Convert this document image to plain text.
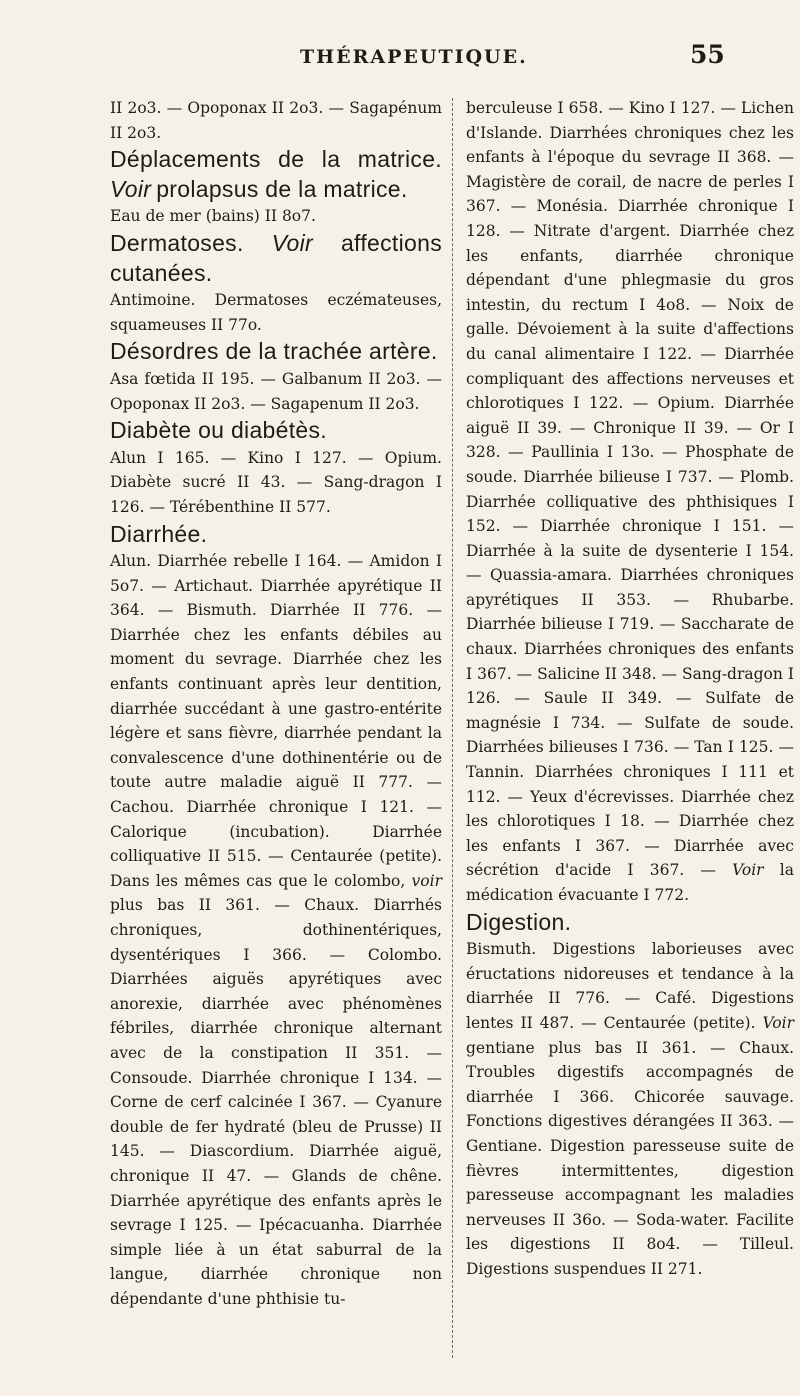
THÉRAPEUTIQUE.	55

II 2o3. — Opoponax II 2o3. — Sagapénum II 2o3.

Déplacements de la matrice. Voir prolapsus de la matrice.

Eau de mer (bains) II 8o7.

Dermatoses. Voir affections cutanées.

Antimoine. Dermatoses eczémateuses, squameuses II 77o.

Désordres de la trachée artère.

Asa fœtida II 195. — Galbanum II 2o3. — Opoponax II 2o3. — Sagapenum II 2o3.

Diabète ou diabétès.

Alun I 165. — Kino I 127. — Opium. Diabète sucré II 43. — Sang-dragon I 126. — Térébenthine II 577.

Diarrhée.

Alun. Diarrhée rebelle I 164. — Amidon I 5o7. — Artichaut. Diarrhée apyrétique II 364. — Bismuth. Diarrhée II 776. — Diarrhée chez les enfants débiles au moment du sevrage. Diarrhée chez les enfants continuant après leur dentition, diarrhée succédant à une gastro-entérite légère et sans fièvre, diarrhée pendant la convalescence d'une dothinentérie ou de toute autre maladie aiguë II 777. — Cachou. Diarrhée chronique I 121. — Calorique (incubation). Diarrhée colliquative II 515. — Centaurée (petite). Dans les mêmes cas que le colombo, voir plus bas II 361. — Chaux. Diarrhés chroniques, dothinentériques, dysentériques I 366. — Colombo. Diarrhées aiguës apyrétiques avec anorexie, diarrhée avec phénomènes fébriles, diarrhée chronique alternant avec de la constipation II 351. — Consoude. Diarrhée chronique I 134. — Corne de cerf calcinée I 367. — Cyanure double de fer hydraté (bleu de Prusse) II 145. — Diascordium. Diarrhée aiguë, chronique II 47. — Glands de chêne. Diarrhée apyrétique des enfants après le sevrage I 125. — Ipécacuanha. Diarrhée simple liée à un état saburral de la langue, diarrhée chronique non dépendante d'une phthisie tu-

berculeuse I 658. — Kino I 127. — Lichen d'Islande. Diarrhées chroniques chez les enfants à l'époque du sevrage II 368. — Magistère de corail, de nacre de perles I 367. — Monésia. Diarrhée chronique I 128. — Nitrate d'argent. Diarrhée chez les enfants, diarrhée chronique dépendant d'une phlegmasie du gros intestin, du rectum I 4o8. — Noix de galle. Dévoiement à la suite d'affections du canal alimentaire I 122. — Diarrhée compliquant des affections nerveuses et chlorotiques I 122. — Opium. Diarrhée aiguë II 39. — Chronique II 39. — Or I 328. — Paullinia I 13o. — Phosphate de soude. Diarrhée bilieuse I 737. — Plomb. Diarrhée colliquative des phthisiques I 152. — Diarrhée chronique I 151. — Diarrhée à la suite de dysenterie I 154. — Quassia-amara. Diarrhées chroniques apyrétiques II 353. — Rhubarbe. Diarrhée bilieuse I 719. — Saccharate de chaux. Diarrhées chroniques des enfants I 367. — Salicine II 348. — Sang-dragon I 126. — Saule II 349. — Sulfate de magnésie I 734. — Sulfate de soude. Diarrhées bilieuses I 736. — Tan I 125. — Tannin. Diarrhées chroniques I 111 et 112. — Yeux d'écrevisses. Diarrhée chez les chlorotiques I 18. — Diarrhée chez les enfants I 367. — Diarrhée avec sécrétion d'acide I 367. — Voir la médication évacuante I 772.

Digestion.

Bismuth. Digestions laborieuses avec éructations nidoreuses et tendance à la diarrhée II 776. — Café. Digestions lentes II 487. — Centaurée (petite). Voir gentiane plus bas II 361. — Chaux. Troubles digestifs accompagnés de diarrhée I 366. Chicorée sauvage. Fonctions digestives dérangées II 363. — Gentiane. Digestion paresseuse suite de fièvres intermittentes, digestion paresseuse accompagnant les maladies nerveuses II 36o. — Soda-water. Facilite les digestions II 8o4. — Tilleul. Digestions suspendues II 271.
